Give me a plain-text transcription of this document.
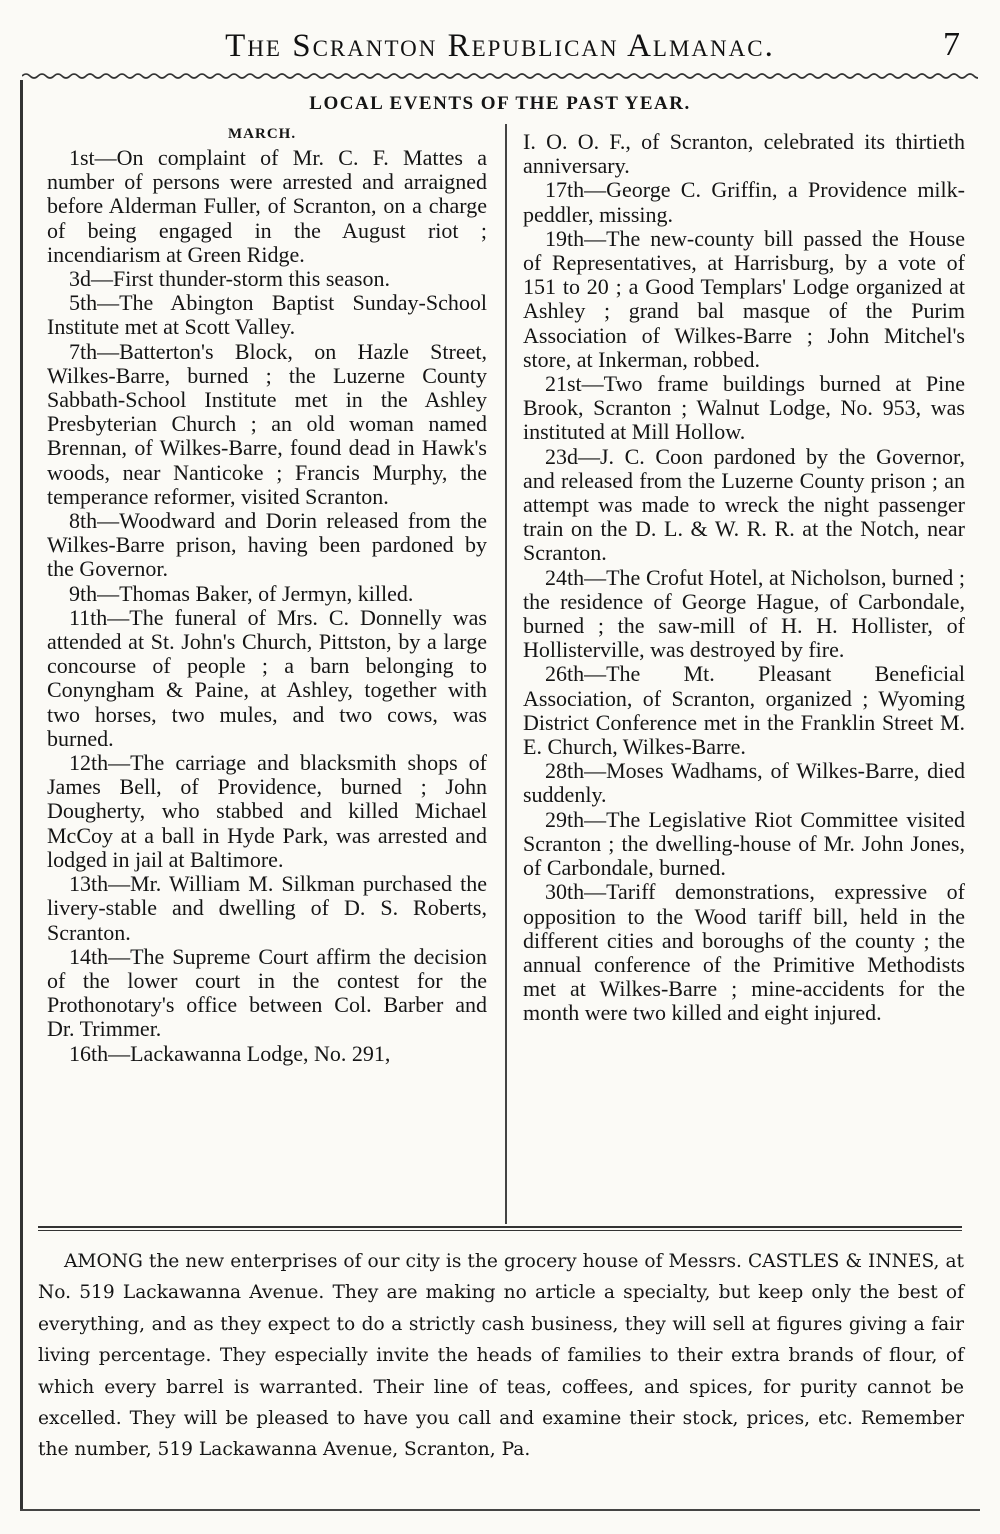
The Scranton Republican Almanac.	7
LOCAL EVENTS OF THE PAST YEAR.
MARCH.

1st—On complaint of Mr. C. F. Mattes a number of persons were arrested and arraigned before Alderman Fuller, of Scranton, on a charge of being engaged in the August riot ; incendiarism at Green Ridge.

3d—First thunder-storm this season.

5th—The Abington Baptist Sunday-School Institute met at Scott Valley.

7th—Batterton's Block, on Hazle Street, Wilkes-Barre, burned ; the Luzerne County Sabbath-School Institute met in the Ashley Presbyterian Church ; an old woman named Brennan, of Wilkes-Barre, found dead in Hawk's woods, near Nanticoke ; Francis Murphy, the temperance reformer, visited Scranton.

8th—Woodward and Dorin released from the Wilkes-Barre prison, having been pardoned by the Governor.

9th—Thomas Baker, of Jermyn, killed.

11th—The funeral of Mrs. C. Donnelly was attended at St. John's Church, Pittston, by a large concourse of people ; a barn belonging to Conyngham & Paine, at Ashley, together with two horses, two mules, and two cows, was burned.

12th—The carriage and blacksmith shops of James Bell, of Providence, burned ; John Dougherty, who stabbed and killed Michael McCoy at a ball in Hyde Park, was arrested and lodged in jail at Baltimore.

13th—Mr. William M. Silkman purchased the livery-stable and dwelling of D. S. Roberts, Scranton.

14th—The Supreme Court affirm the decision of the lower court in the contest for the Prothonotary's office between Col. Barber and Dr. Trimmer.

16th—Lackawanna Lodge, No. 291,

I. O. O. F., of Scranton, celebrated its thirtieth anniversary.

17th—George C. Griffin, a Providence milk-peddler, missing.

19th—The new-county bill passed the House of Representatives, at Harrisburg, by a vote of 151 to 20 ; a Good Templars' Lodge organized at Ashley ; grand bal masque of the Purim Association of Wilkes-Barre ; John Mitchel's store, at Inkerman, robbed.

21st—Two frame buildings burned at Pine Brook, Scranton ; Walnut Lodge, No. 953, was instituted at Mill Hollow.

23d—J. C. Coon pardoned by the Governor, and released from the Luzerne County prison ; an attempt was made to wreck the night passenger train on the D. L. & W. R. R. at the Notch, near Scranton.

24th—The Crofut Hotel, at Nicholson, burned ; the residence of George Hague, of Carbondale, burned ; the saw-mill of H. H. Hollister, of Hollisterville, was destroyed by fire.

26th—The Mt. Pleasant Beneficial Association, of Scranton, organized ; Wyoming District Conference met in the Franklin Street M. E. Church, Wilkes-Barre.

28th—Moses Wadhams, of Wilkes-Barre, died suddenly.

29th—The Legislative Riot Committee visited Scranton ; the dwelling-house of Mr. John Jones, of Carbondale, burned.

30th—Tariff demonstrations, expressive of opposition to the Wood tariff bill, held in the different cities and boroughs of the county ; the annual conference of the Primitive Methodists met at Wilkes-Barre ; mine-accidents for the month were two killed and eight injured.

AMONG the new enterprises of our city is the grocery house of Messrs. CASTLES & INNES, at No. 519 Lackawanna Avenue. They are making no article a specialty, but keep only the best of everything, and as they expect to do a strictly cash business, they will sell at figures giving a fair living percentage. They especially invite the heads of families to their extra brands of flour, of which every barrel is warranted. Their line of teas, coffees, and spices, for purity cannot be excelled. They will be pleased to have you call and examine their stock, prices, etc. Remember the number, 519 Lackawanna Avenue, Scranton, Pa.
